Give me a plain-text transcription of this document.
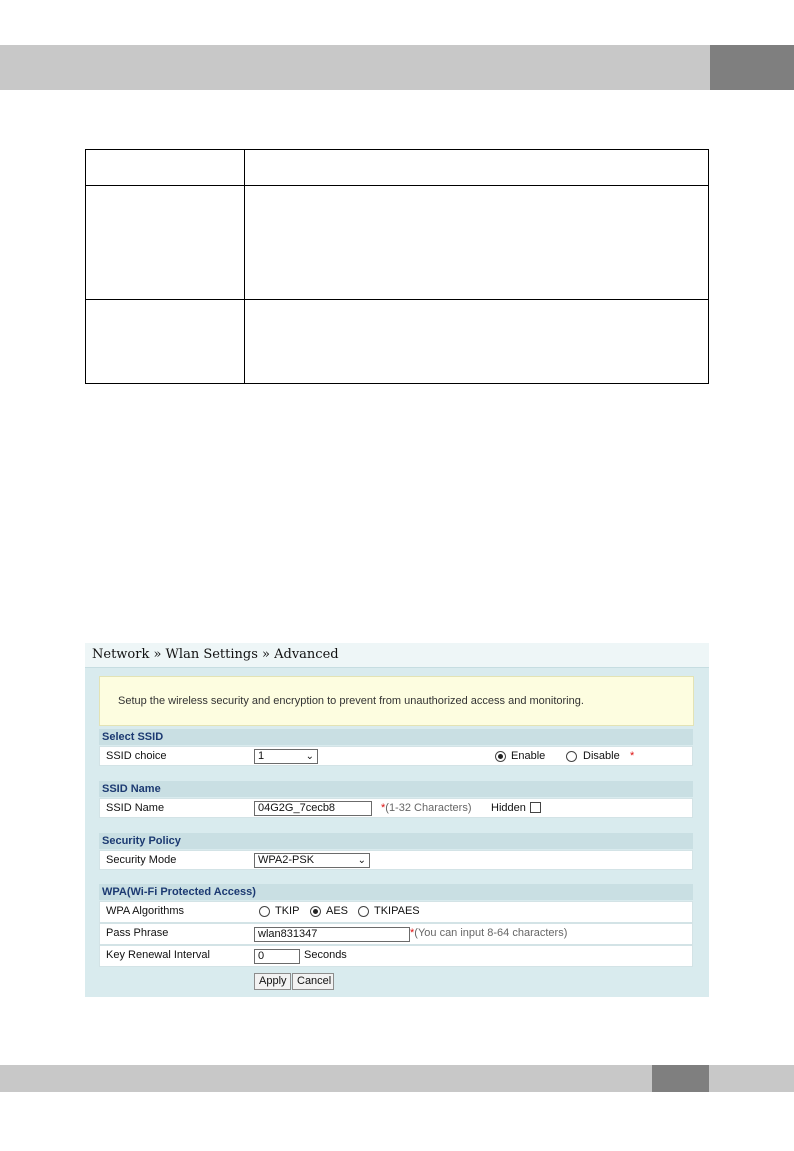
Network » Wlan Settings » Advanced
Setup the wireless security and encryption to prevent from unauthorized access and monitoring.
Select SSID
SSID choice	1	⌄	Enable	Disable *
SSID Name
SSID Name	04G2G_7cecb8	*(1-32 Characters) Hidden
Security Policy
Security Mode	WPA2-PSK	⌄
WPA(Wi-Fi Protected Access)
WPA Algorithms	TKIP AES TKIPAES
Pass Phrase	wlan831347	*(You can input 8-64 characters)
Key Renewal Interval	0	Seconds
Apply Cancel
